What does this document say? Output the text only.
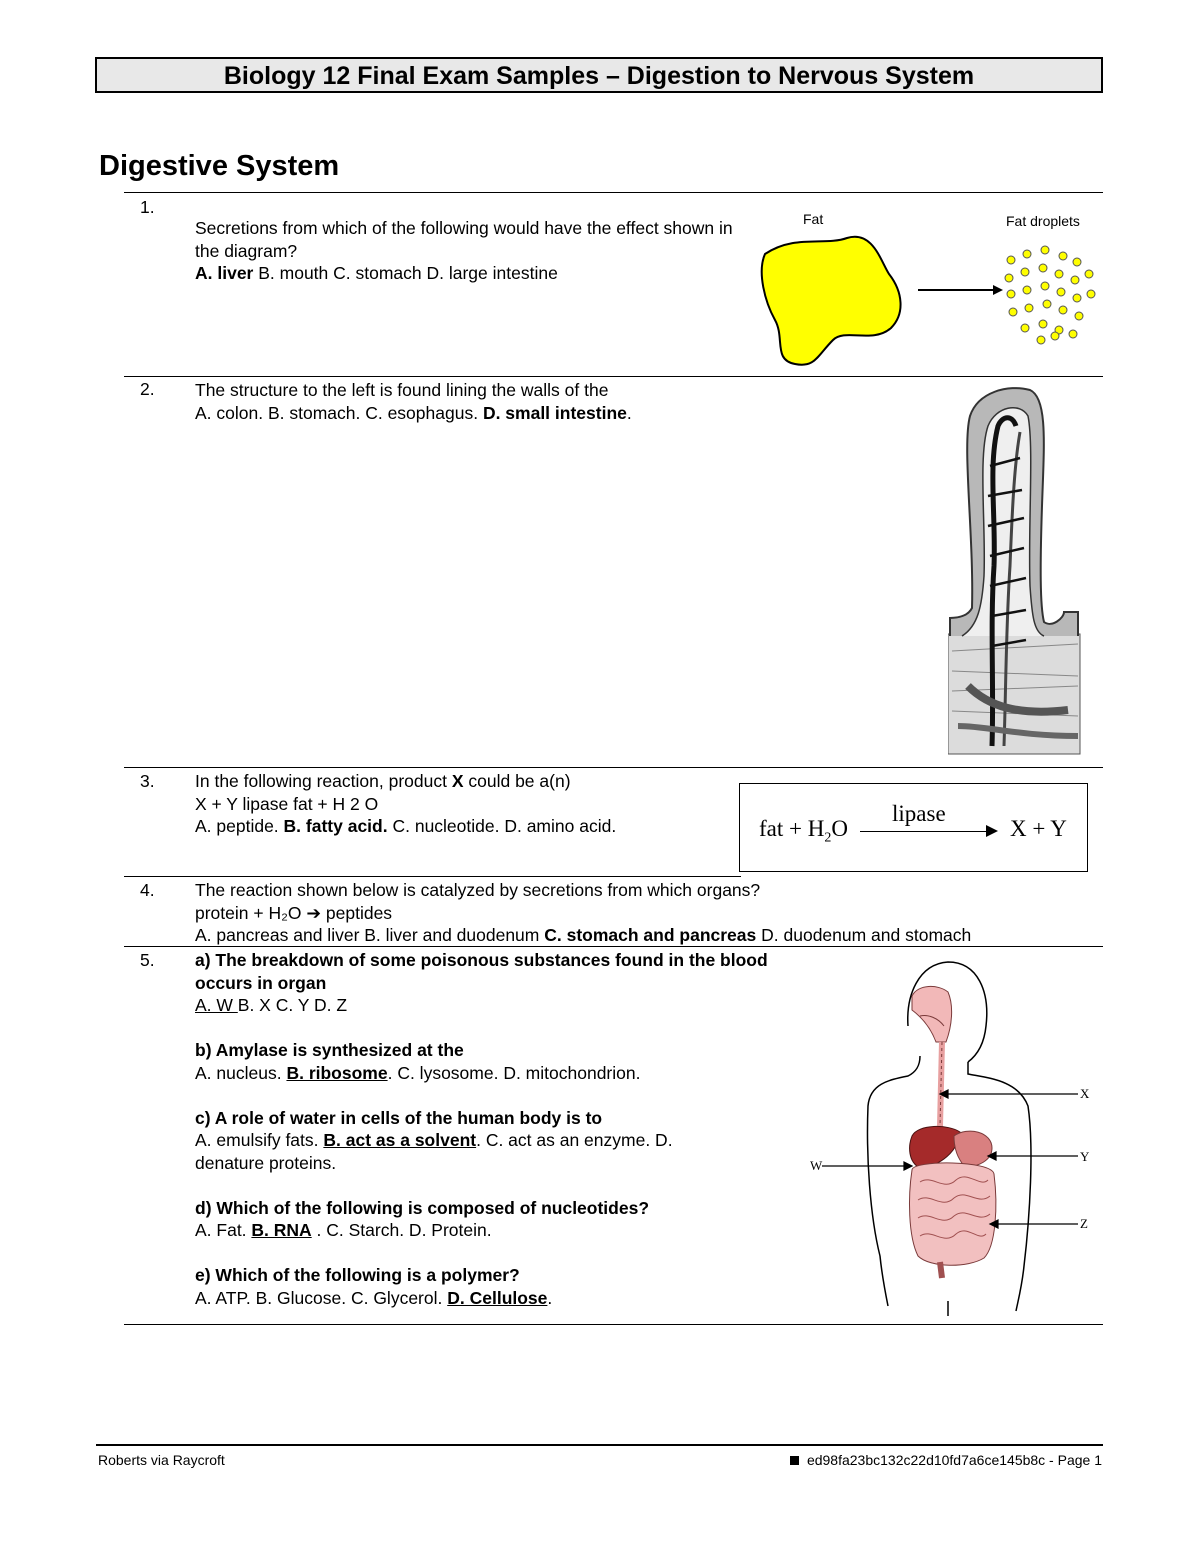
Biology 12 Final Exam Samples – Digestion to Nervous System
Digestive System
1.
Secretions from which of the following would have the effect shown in the diagram?
A. liver B. mouth C. stomach D. large intestine
Fat	Fat droplets
2. The structure to the left is found lining the walls of the
A. colon. B. stomach. C. esophagus. D. small intestine.
3. In the following reaction, product X could be a(n)
X + Y lipase fat + H 2 O
A. peptide. B. fatty acid. C. nucleotide. D. amino acid.	fat + $H_2O$
lipase
X + Y
4. The reaction shown below is catalyzed by secretions from which organs?
protein + H₂O ➔ peptides
A. pancreas and liver B. liver and duodenum C. stomach and pancreas D. duodenum and stomach
5. a) The breakdown of some poisonous substances found in the blood occurs in organ
A. W B. X C. Y D. Z
b) Amylase is synthesized at the
A. nucleus. B. ribosome. C. lysosome. D. mitochondrion.
c) A role of water in cells of the human body is to
A. emulsify fats. B. act as a solvent. C. act as an enzyme. D. denature proteins.
d) Which of the following is composed of nucleotides?
A. Fat. B. RNA . C. Starch. D. Protein.
e) Which of the following is a polymer?
A. ATP. B. Glucose. C. Glycerol. D. Cellulose.
X
Y
Z
W
Roberts via Raycroft	ed98fa23bc132c22d10fd7a6ce145b8c - Page 1
